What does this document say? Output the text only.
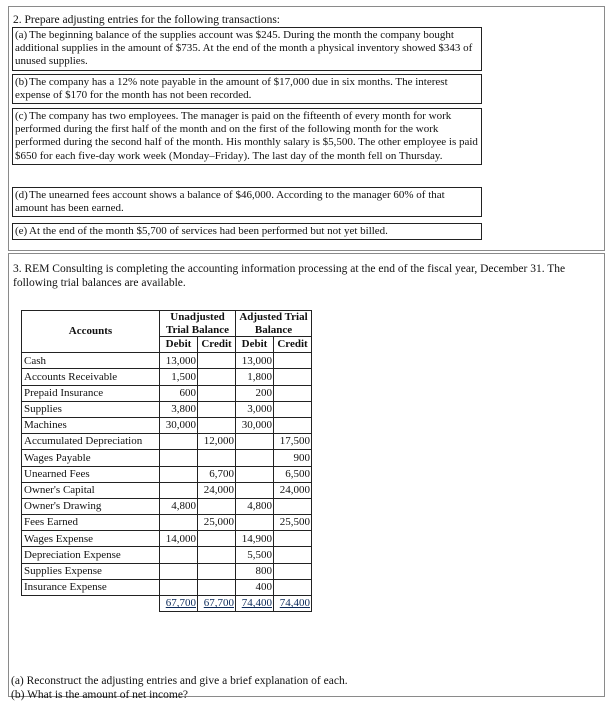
2. Prepare adjusting entries for the following transactions:
(a) The beginning balance of the supplies account was $245. During the month the company bought additional supplies in the amount of $735. At the end of the month a physical inventory showed $343 of unused supplies.
(b)The company has a 12% note payable in the amount of $17,000 due in six months. The interest expense of $170 for the month has not been recorded.
(c) The company has two employees. The manager is paid on the fifteenth of every month for work performed during the first half of the month and on the first of the following month for the work performed during the second half of the month. His monthly salary is $5,500. The other employee is paid $650 for each five-day work week (Monday–Friday). The last day of the month fell on Thursday.
(d)The unearned fees account shows a balance of $46,000. According to the manager 60% of that amount has been earned.
(e) At the end of the month $5,700 of services had been performed but not yet billed.
3. REM Consulting is completing the accounting information processing at the end of the fiscal year, December 31. The following trial balances are available.
Accounts	Unadjusted Trial Balance		Adjusted Trial Balance	
	Debit	Credit	Debit	Credit
Cash	13,000		13,000	
Accounts Receivable	1,500		1,800	
Prepaid Insurance	600		200	
Supplies	3,800		3,000	
Machines	30,000		30,000	
Accumulated Depreciation		12,000		17,500
Wages Payable				900
Unearned Fees		6,700		6,500
Owner's Capital		24,000		24,000
Owner's Drawing	4,800		4,800	
Fees Earned		25,000		25,500
Wages Expense	14,000		14,900	
Depreciation Expense			5,500	
Supplies Expense			800	
Insurance Expense			400	
	67,700	67,700	74,400	74,400
(a) Reconstruct the adjusting entries and give a brief explanation of each.
(b) What is the amount of net income?
